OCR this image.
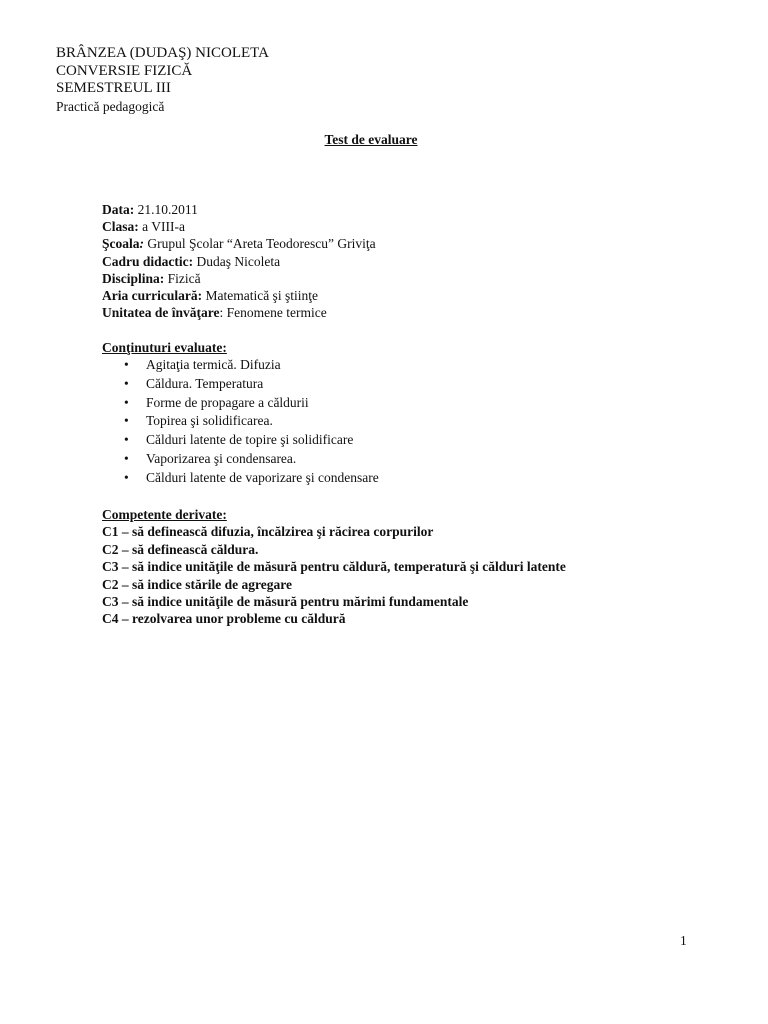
BRÂNZEA (DUDAŞ) NICOLETA
CONVERSIE FIZICĂ
SEMESTREUL III
Practică pedagogică
Test de evaluare
Data: 21.10.2011
Clasa: a VIII-a
Şcoala: Grupul Şcolar “Areta Teodorescu” Griviţa
Cadru didactic: Dudaş Nicoleta
Disciplina: Fizică
Aria curriculară: Matematică şi ştiinţe
Unitatea de învăţare: Fenomene termice
Conţinuturi evaluate:
• Agitaţia termică. Difuzia
• Căldura. Temperatura
• Forme de propagare a căldurii
• Topirea şi solidificarea.
• Călduri latente de topire şi solidificare
• Vaporizarea şi condensarea.
• Călduri latente de vaporizare şi condensare
Competente derivate:
C1 – să definească difuzia, încălzirea şi răcirea corpurilor
C2 – să definească căldura.
C3 – să indice unităţile de măsură pentru căldură, temperatură şi călduri latente
C2 – să indice stările de agregare
C3 – să indice unităţile de măsură pentru mărimi fundamentale
C4 – rezolvarea unor probleme cu căldură
1
